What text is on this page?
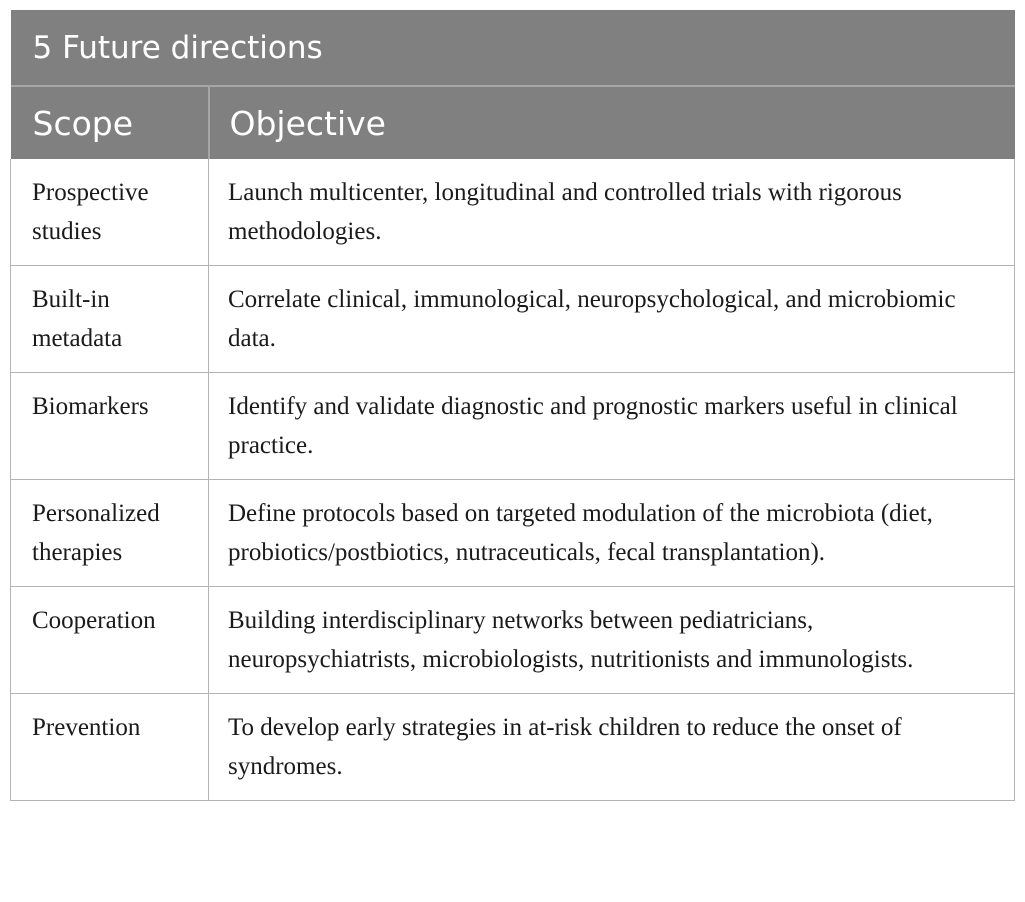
5 Future directions	
Scope	Objective
Prospective studies	Launch multicenter, longitudinal and controlled trials with rigorous methodologies.
Built-in metadata	Correlate clinical, immunological, neuropsychological, and microbiomic data.
Biomarkers	Identify and validate diagnostic and prognostic markers useful in clinical practice.
Personalized therapies	Define protocols based on targeted modulation of the microbiota (diet, probiotics/postbiotics, nutraceuticals, fecal transplantation).
Cooperation	Building interdisciplinary networks between pediatricians, neuropsychiatrists, microbiologists, nutritionists and immunologists.
Prevention	To develop early strategies in at-risk children to reduce the onset of syndromes.
